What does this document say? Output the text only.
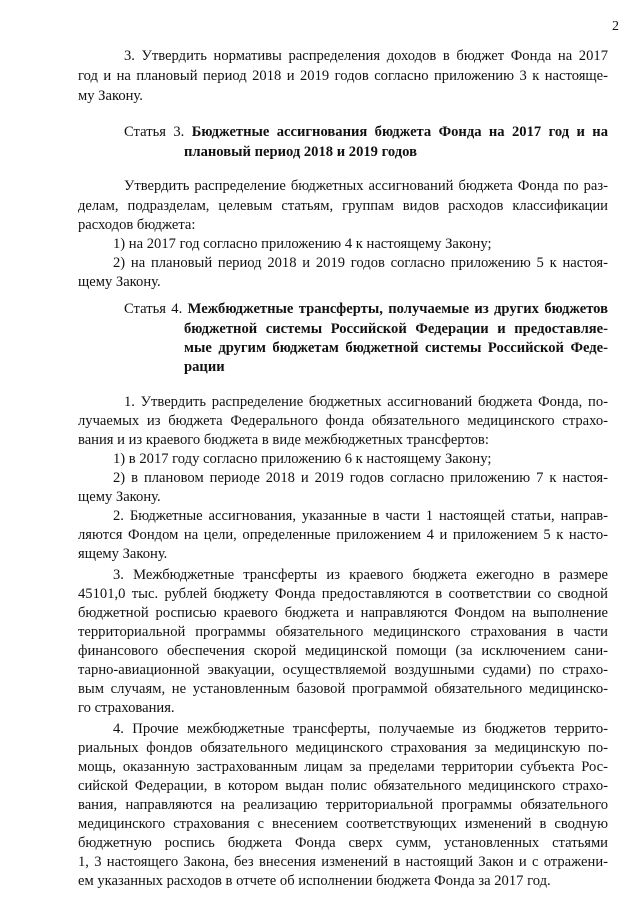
2
3. Утвердить нормативы распределения доходов в бюджет Фонда на 2017
год и на плановый период 2018 и 2019 годов согласно приложению 3 к настояще-
му Закону.
Статья 3. Бюджетные ассигнования бюджета Фонда на 2017 год и на
плановый период 2018 и 2019 годов
Утвердить распределение бюджетных ассигнований бюджета Фонда по раз-
делам, подразделам, целевым статьям, группам видов расходов классификации
расходов бюджета:
1) на 2017 год согласно приложению 4 к настоящему Закону;
2) на плановый период 2018 и 2019 годов согласно приложению 5 к настоя-
щему Закону.
Статья 4. Межбюджетные трансферты, получаемые из других бюджетов
бюджетной системы Российской Федерации и предоставляе-
мые другим бюджетам бюджетной системы Российской Феде-
рации
1. Утвердить распределение бюджетных ассигнований бюджета Фонда, по-
лучаемых из бюджета Федерального фонда обязательного медицинского страхо-
вания и из краевого бюджета в виде межбюджетных трансфертов:
1) в 2017 году согласно приложению 6 к настоящему Закону;
2) в плановом периоде 2018 и 2019 годов согласно приложению 7 к настоя-
щему Закону.
2. Бюджетные ассигнования, указанные в части 1 настоящей статьи, направ-
ляются Фондом на цели, определенные приложением 4 и приложением 5 к насто-
ящему Закону.
3. Межбюджетные трансферты из краевого бюджета ежегодно в размере
45101,0 тыс. рублей бюджету Фонда предоставляются в соответствии со сводной
бюджетной росписью краевого бюджета и направляются Фондом на выполнение
территориальной программы обязательного медицинского страхования в части
финансового обеспечения скорой медицинской помощи (за исключением сани-
тарно-авиационной эвакуации, осуществляемой воздушными судами) по страхо-
вым случаям, не установленным базовой программой обязательного медицинско-
го страхования.
4. Прочие межбюджетные трансферты, получаемые из бюджетов террито-
риальных фондов обязательного медицинского страхования за медицинскую по-
мощь, оказанную застрахованным лицам за пределами территории субъекта Рос-
сийской Федерации, в котором выдан полис обязательного медицинского страхо-
вания, направляются на реализацию территориальной программы обязательного
медицинского страхования с внесением соответствующих изменений в сводную
бюджетную роспись бюджета Фонда сверх сумм, установленных статьями
1, 3 настоящего Закона, без внесения изменений в настоящий Закон и с отражени-
ем указанных расходов в отчете об исполнении бюджета Фонда за 2017 год.
